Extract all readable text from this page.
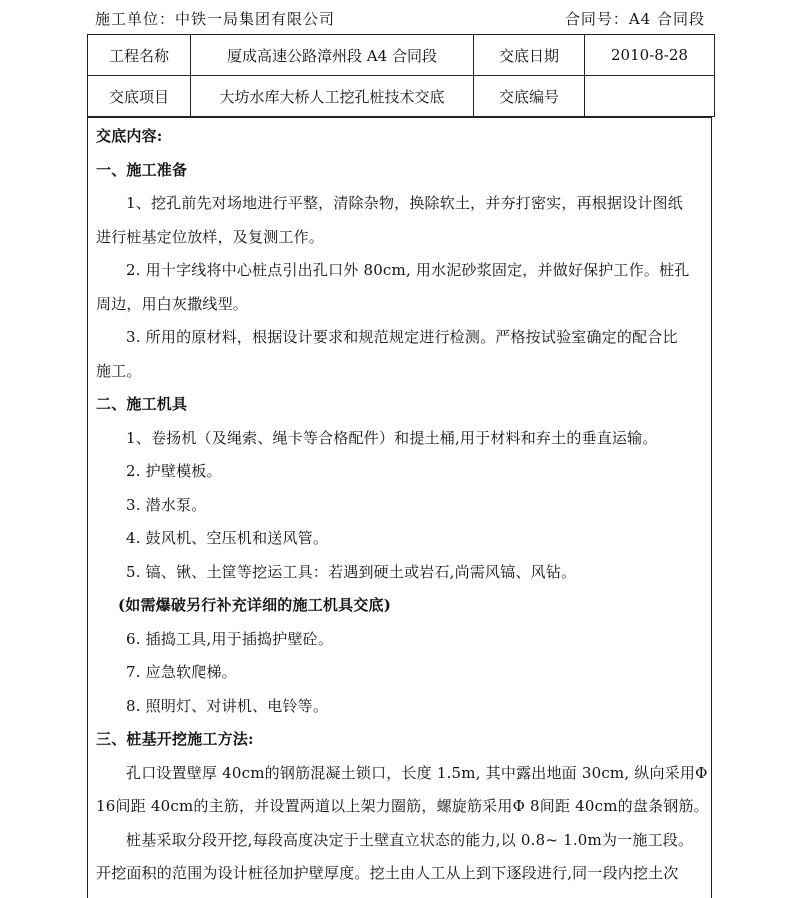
施工单位：中铁一局集团有限公司	合同号：A4 合同段
工程名称	厦成高速公路漳州段 A4 合同段	交底日期	2010-8-28
交底项目	大坊水库大桥人工挖孔桩技术交底	交底编号	
交底内容:
一、施工准备
1、挖孔前先对场地进行平整，清除杂物，换除软土，并夯打密实，再根据设计图纸
进行桩基定位放样，及复测工作。
2. 用十字线将中心桩点引出孔口外 80cm, 用水泥砂浆固定，并做好保护工作。桩孔
周边，用白灰撒线型。
3. 所用的原材料，根据设计要求和规范规定进行检测。严格按试验室确定的配合比
施工。
二、施工机具
1、卷扬机（及绳索、绳卡等合格配件）和提土桶,用于材料和弃土的垂直运输。
2. 护壁模板。
3. 潜水泵。
4. 鼓风机、空压机和送风管。
5. 镐、锹、土筐等挖运工具：若遇到硬土或岩石,尚需风镐、风钻。
(如需爆破另行补充详细的施工机具交底)
6. 插捣工具,用于插捣护壁砼。
7. 应急软爬梯。
8. 照明灯、对讲机、电铃等。
三、桩基开挖施工方法:
孔口设置壁厚 40cm的钢筋混凝土锁口，长度 1.5m, 其中露出地面 30cm, 纵向采用Φ
16间距 40cm的主筋，并设置两道以上架力圈筋，螺旋筋采用Φ 8间距 40cm的盘条钢筋。
桩基采取分段开挖,每段高度决定于土壁直立状态的能力,以 0.8~ 1.0m为一施工段。
开挖面积的范围为设计桩径加护壁厚度。挖土由人工从上到下逐段进行,同一段内挖土次
